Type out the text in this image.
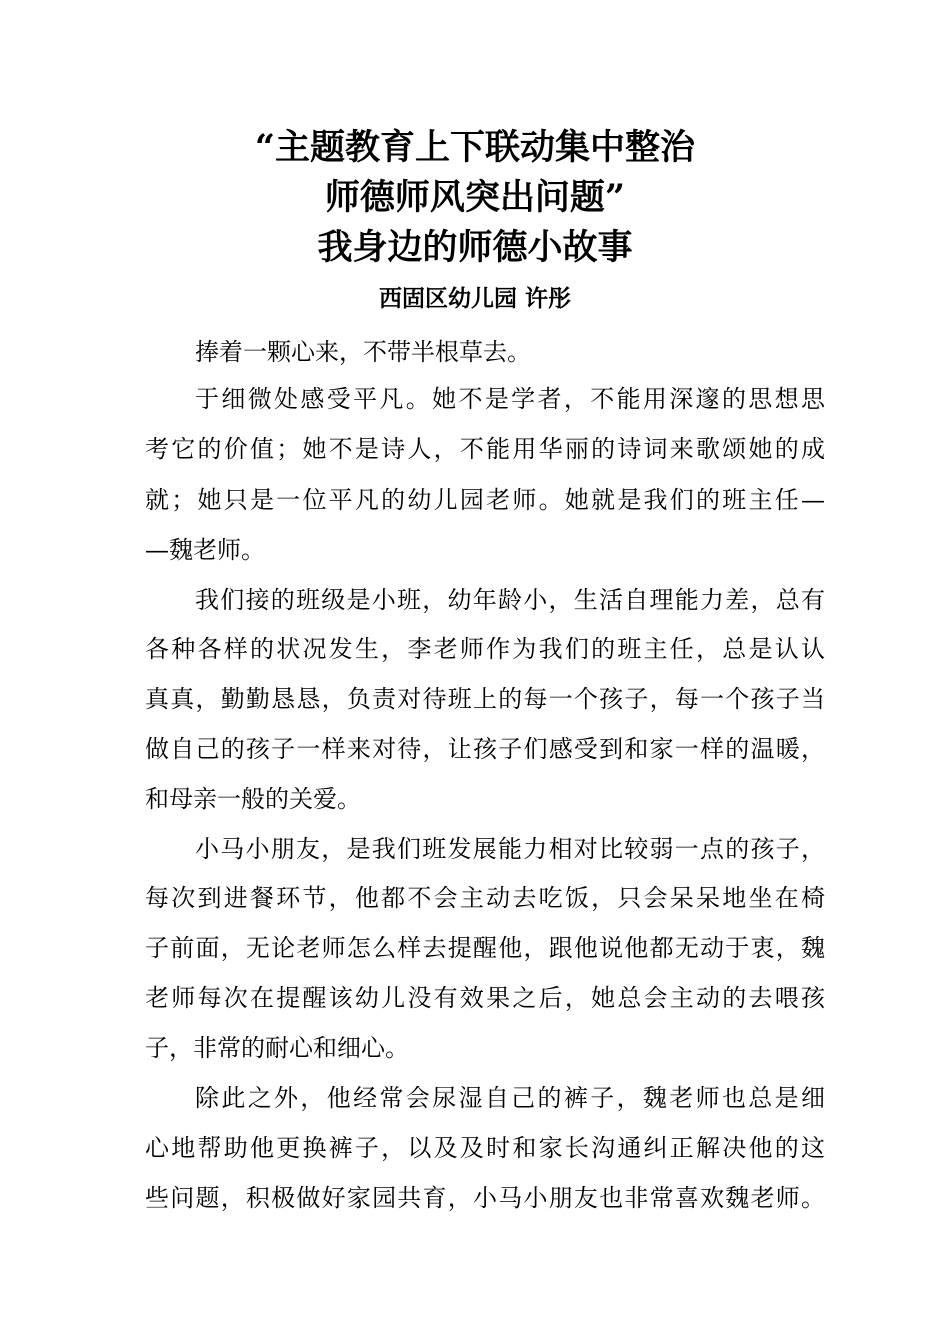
“主题教育上下联动集中整治
师德师风突出问题”
我身边的师德小故事
西固区幼儿园 许彤
捧着一颗心来，不带半根草去。
于细微处感受平凡。她不是学者，不能用深邃的思想思
考它的价值；她不是诗人，不能用华丽的诗词来歌颂她的成
就；她只是一位平凡的幼儿园老师。她就是我们的班主任—
—魏老师。
我们接的班级是小班，幼年龄小，生活自理能力差，总有
各种各样的状况发生，李老师作为我们的班主任，总是认认
真真，勤勤恳恳，负责对待班上的每一个孩子，每一个孩子当
做自己的孩子一样来对待，让孩子们感受到和家一样的温暖，
和母亲一般的关爱。
小马小朋友，是我们班发展能力相对比较弱一点的孩子，
每次到进餐环节，他都不会主动去吃饭，只会呆呆地坐在椅
子前面，无论老师怎么样去提醒他，跟他说他都无动于衷，魏
老师每次在提醒该幼儿没有效果之后，她总会主动的去喂孩
子，非常的耐心和细心。
除此之外，他经常会尿湿自己的裤子，魏老师也总是细
心地帮助他更换裤子，以及及时和家长沟通纠正解决他的这
些问题，积极做好家园共育，小马小朋友也非常喜欢魏老师。
